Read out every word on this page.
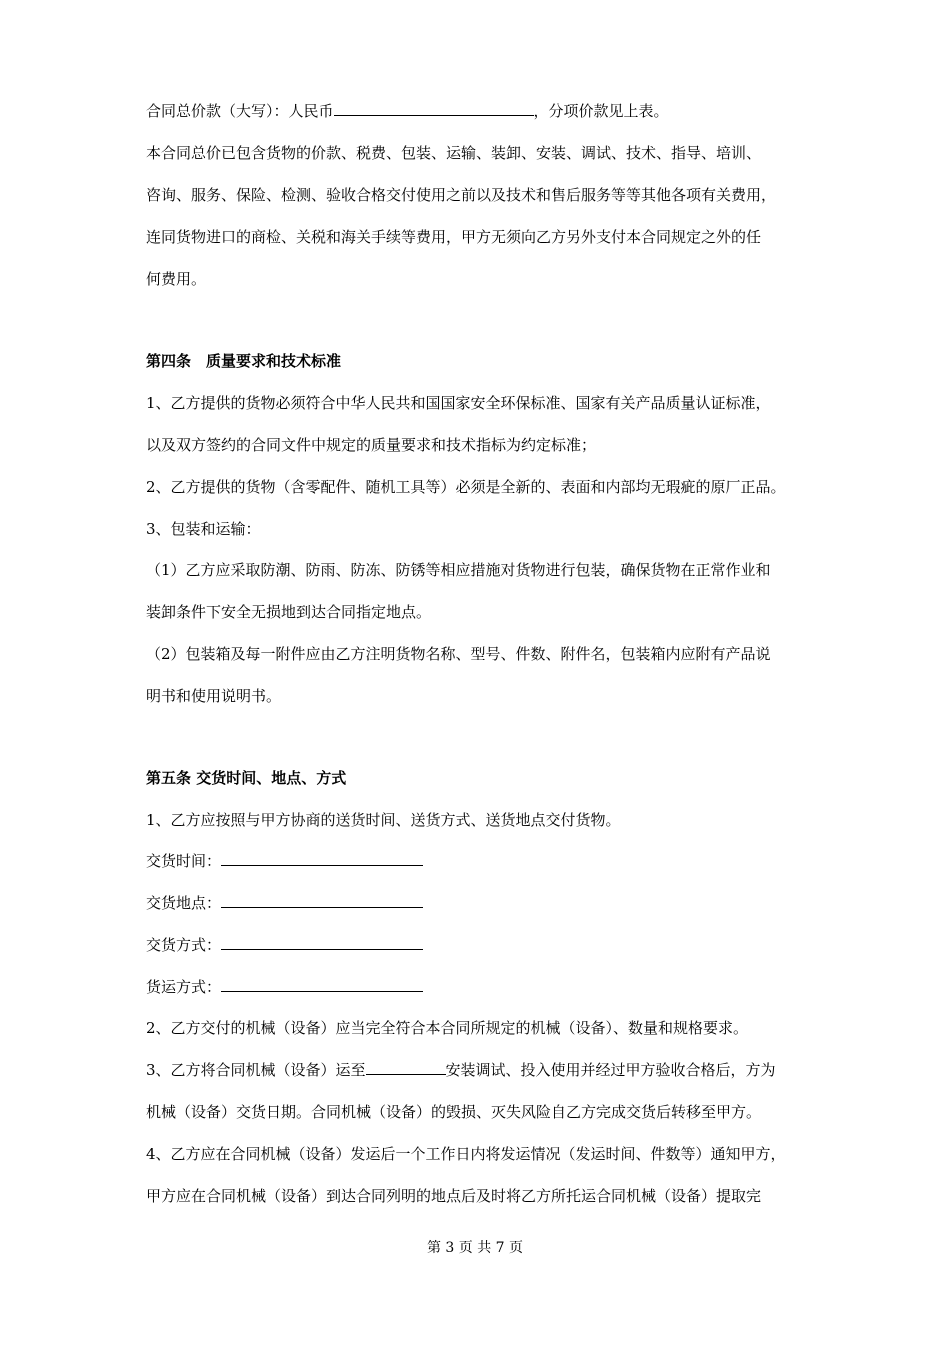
合同总价款（大写）：人民币	，分项价款见上表。
本合同总价已包含货物的价款、税费、包装、运输、装卸、安装、调试、技术、指导、培训、
咨询、服务、保险、检测、验收合格交付使用之前以及技术和售后服务等等其他各项有关费用，
连同货物进口的商检、关税和海关手续等费用，甲方无须向乙方另外支付本合同规定之外的任
何费用。
第四条　质量要求和技术标准
1、乙方提供的货物必须符合中华人民共和国国家安全环保标准、国家有关产品质量认证标准，
以及双方签约的合同文件中规定的质量要求和技术指标为约定标准；
2、乙方提供的货物（含零配件、随机工具等）必须是全新的、表面和内部均无瑕疵的原厂正品。
3、包装和运输：
（1）乙方应采取防潮、防雨、防冻、防锈等相应措施对货物进行包装，确保货物在正常作业和
装卸条件下安全无损地到达合同指定地点。
（2）包装箱及每一附件应由乙方注明货物名称、型号、件数、附件名，包装箱内应附有产品说
明书和使用说明书。
第五条 交货时间、地点、方式
1、乙方应按照与甲方协商的送货时间、送货方式、送货地点交付货物。
交货时间：
交货地点：
交货方式：
货运方式：
2、乙方交付的机械（设备）应当完全符合本合同所规定的机械（设备）、数量和规格要求。
3、乙方将合同机械（设备）运至	安装调试、投入使用并经过甲方验收合格后，方为
机械（设备）交货日期。合同机械（设备）的毁损、灭失风险自乙方完成交货后转移至甲方。
4、乙方应在合同机械（设备）发运后一个工作日内将发运情况（发运时间、件数等）通知甲方，
甲方应在合同机械（设备）到达合同列明的地点后及时将乙方所托运合同机械（设备）提取完
第 3 页 共 7 页
